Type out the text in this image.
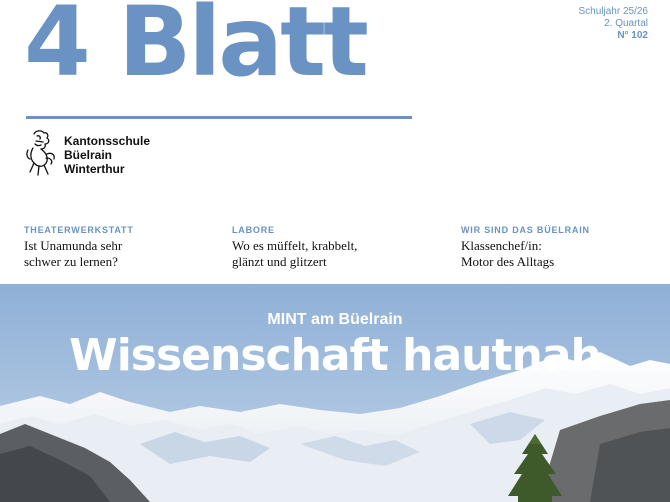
4 Blatt	Schuljahr 25/26
2. Quartal
N° 102
Kantonsschule
Büelrain
Winterthur
THEATERWERKSTATT
Ist Unamunda sehr
schwer zu lernen?
LABORE
Wo es müffelt, krabbelt,
glänzt und glitzert
WIR SIND DAS BÜELRAIN
Klassenchef/in:
Motor des Alltags
MINT am Büelrain
Wissenschaft hautnah
